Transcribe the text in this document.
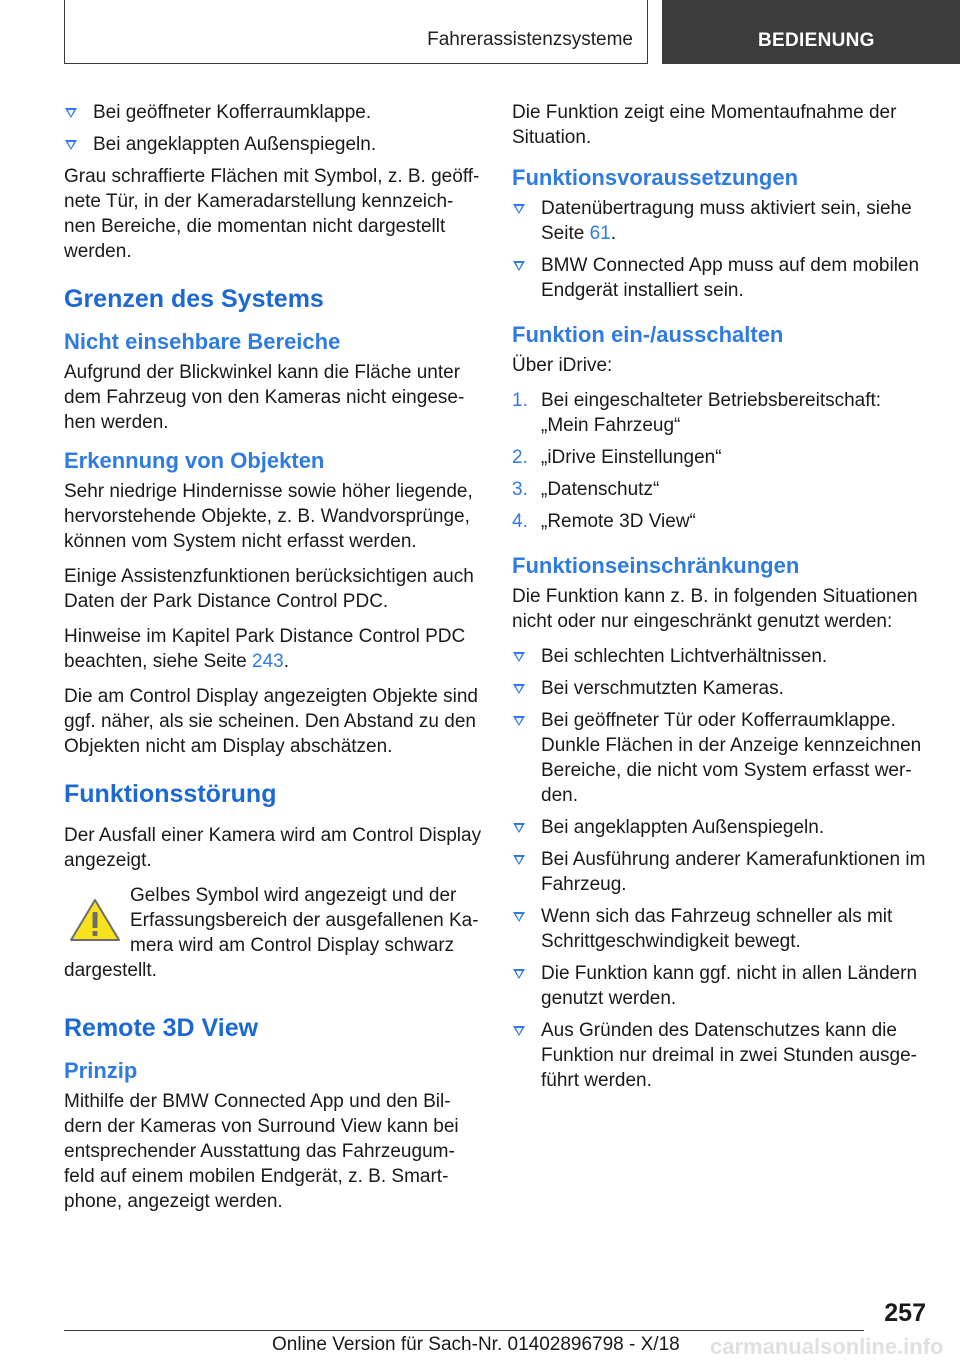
Fahrerassistenzsysteme	BEDIENUNG
Bei geöffneter Kofferraumklappe.
Bei angeklappten Außenspiegeln.

Grau schraffierte Flächen mit Symbol, z. B. geöff-nete Tür, in der Kameradarstellung kennzeich-nen Bereiche, die momentan nicht dargestellt werden.

Grenzen des Systems
Nicht einsehbare Bereiche

Aufgrund der Blickwinkel kann die Fläche unter dem Fahrzeug von den Kameras nicht eingese-hen werden.

Erkennung von Objekten

Sehr niedrige Hindernisse sowie höher liegende, hervorstehende Objekte, z. B. Wandvorsprünge, können vom System nicht erfasst werden.

Einige Assistenzfunktionen berücksichtigen auch Daten der Park Distance Control PDC.

Hinweise im Kapitel Park Distance Control PDC beachten, siehe Seite 243.

Die am Control Display angezeigten Objekte sind ggf. näher, als sie scheinen. Den Abstand zu den Objekten nicht am Display abschätzen.

Funktionsstörung

Der Ausfall einer Kamera wird am Control Display angezeigt.

Gelbes Symbol wird angezeigt und der Erfassungsbereich der ausgefallenen Ka-mera wird am Control Display schwarz

dargestellt.

Remote 3D View
Prinzip

Mithilfe der BMW Connected App und den Bil-dern der Kameras von Surround View kann bei entsprechender Ausstattung das Fahrzeugum-feld auf einem mobilen Endgerät, z. B. Smart-phone, angezeigt werden.

Die Funktion zeigt eine Momentaufnahme der Situation.

Funktionsvoraussetzungen
Datenübertragung muss aktiviert sein, siehe Seite 61.
BMW Connected App muss auf dem mobilen Endgerät installiert sein.
Funktion ein-/ausschalten

Über iDrive:

1. Bei eingeschalteter Betriebsbereitschaft: „Mein Fahrzeug“
2. „iDrive Einstellungen“
3. „Datenschutz“
4. „Remote 3D View“
Funktionseinschränkungen

Die Funktion kann z. B. in folgenden Situationen nicht oder nur eingeschränkt genutzt werden:

Bei schlechten Lichtverhältnissen.
Bei verschmutzten Kameras.
Bei geöffneter Tür oder Kofferraumklappe. Dunkle Flächen in der Anzeige kennzeichnen Bereiche, die nicht vom System erfasst wer-den.
Bei angeklappten Außenspiegeln.
Bei Ausführung anderer Kamerafunktionen im Fahrzeug.
Wenn sich das Fahrzeug schneller als mit Schrittgeschwindigkeit bewegt.
Die Funktion kann ggf. nicht in allen Ländern genutzt werden.
Aus Gründen des Datenschutzes kann die Funktion nur dreimal in zwei Stunden ausge-führt werden.
257
Online Version für Sach-Nr. 01402896798 - X/18 carmanualsonline.info
